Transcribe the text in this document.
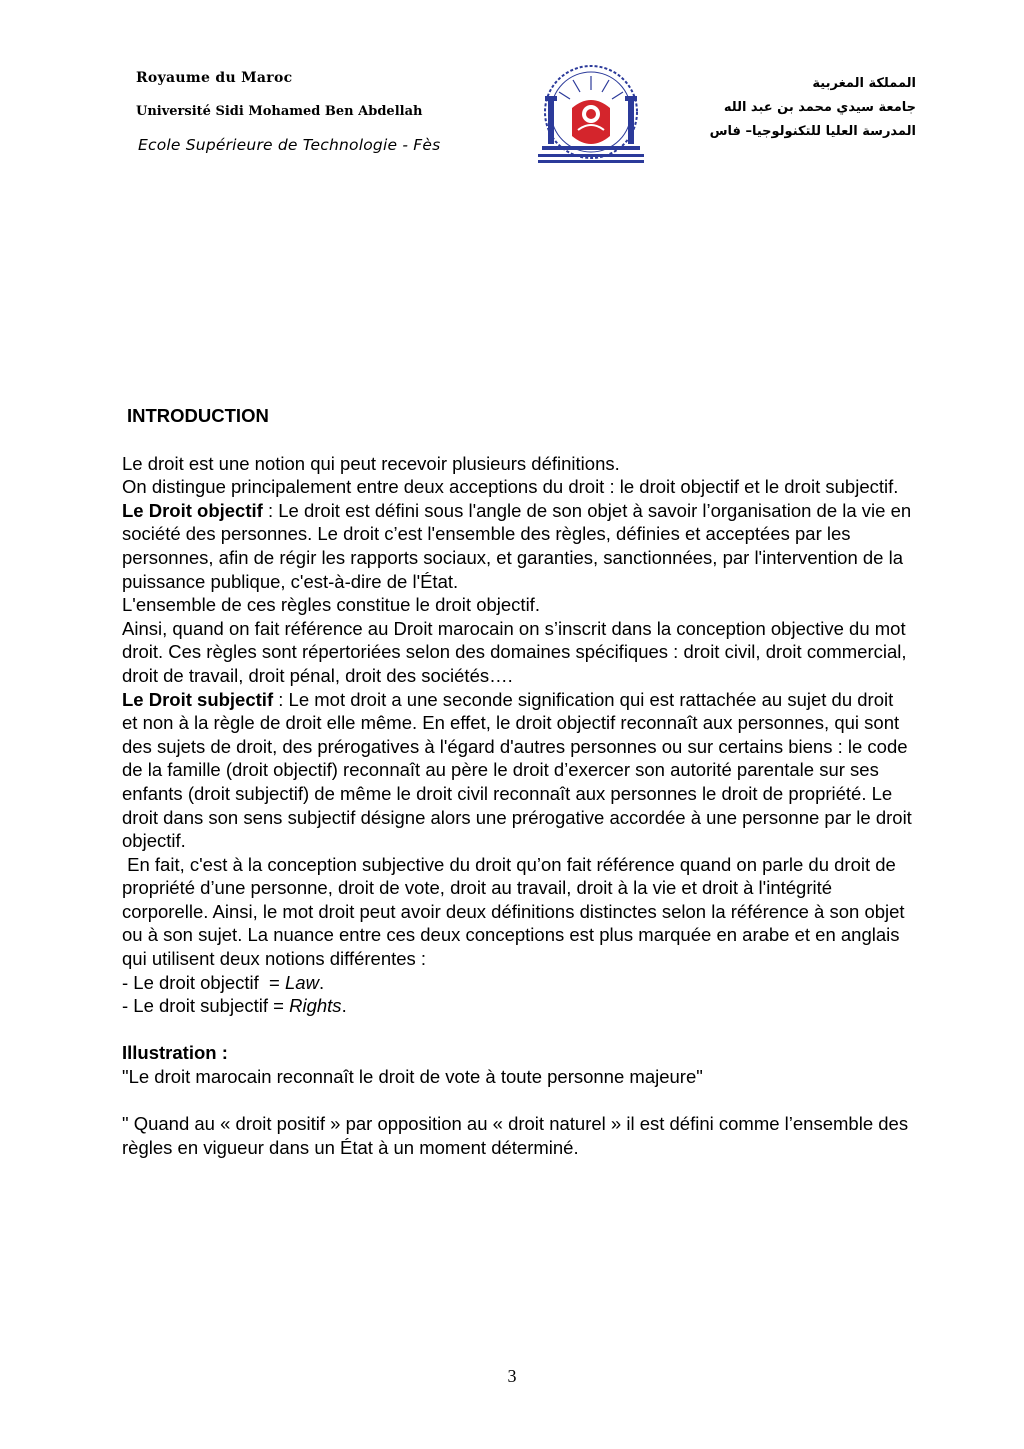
Royaume du Maroc
Université Sidi Mohamed Ben Abdellah
Ecole Supérieure de Technologie - Fès
المملكة المغربية
جامعة سيدي محمد بن عبد الله
المدرسة العليا للتكنولوجيا– فاس
INTRODUCTION

Le droit est une notion qui peut recevoir plusieurs définitions.

On distingue principalement entre deux acceptions du droit : le droit objectif et le droit subjectif.

Le Droit objectif : Le droit est défini sous l'angle de son objet à savoir l’organisation de la vie en société des personnes. Le droit c’est l'ensemble des règles, définies et acceptées par les personnes, afin de régir les rapports sociaux, et garanties, sanctionnées, par l'intervention de la puissance publique, c'est-à-dire de l'État.

L'ensemble de ces règles constitue le droit objectif.

Ainsi, quand on fait référence au Droit marocain on s’inscrit dans la conception objective du mot droit. Ces règles sont répertoriées selon des domaines spécifiques : droit civil, droit commercial, droit de travail, droit pénal, droit des sociétés….

Le Droit subjectif : Le mot droit a une seconde signification qui est rattachée au sujet du droit et non à la règle de droit elle même. En effet, le droit objectif reconnaît aux personnes, qui sont des sujets de droit, des prérogatives à l'égard d'autres personnes ou sur certains biens : le code de la famille (droit objectif) reconnaît au père le droit d’exercer son autorité parentale sur ses enfants (droit subjectif) de même le droit civil reconnaît aux personnes le droit de propriété. Le droit dans son sens subjectif désigne alors une prérogative accordée à une personne par le droit objectif.

En fait, c'est à la conception subjective du droit qu’on fait référence quand on parle du droit de propriété d’une personne, droit de vote, droit au travail, droit à la vie et droit à l'intégrité corporelle. Ainsi, le mot droit peut avoir deux définitions distinctes selon la référence à son objet ou à son sujet. La nuance entre ces deux conceptions est plus marquée en arabe et en anglais qui utilisent deux notions différentes :

- Le droit objectif  = Law.

- Le droit subjectif = Rights.

Illustration :

"Le droit marocain reconnaît le droit de vote à toute personne majeure"

" Quand au « droit positif » par opposition au « droit naturel » il est défini comme l’ensemble des règles en vigueur dans un État à un moment déterminé.

3
